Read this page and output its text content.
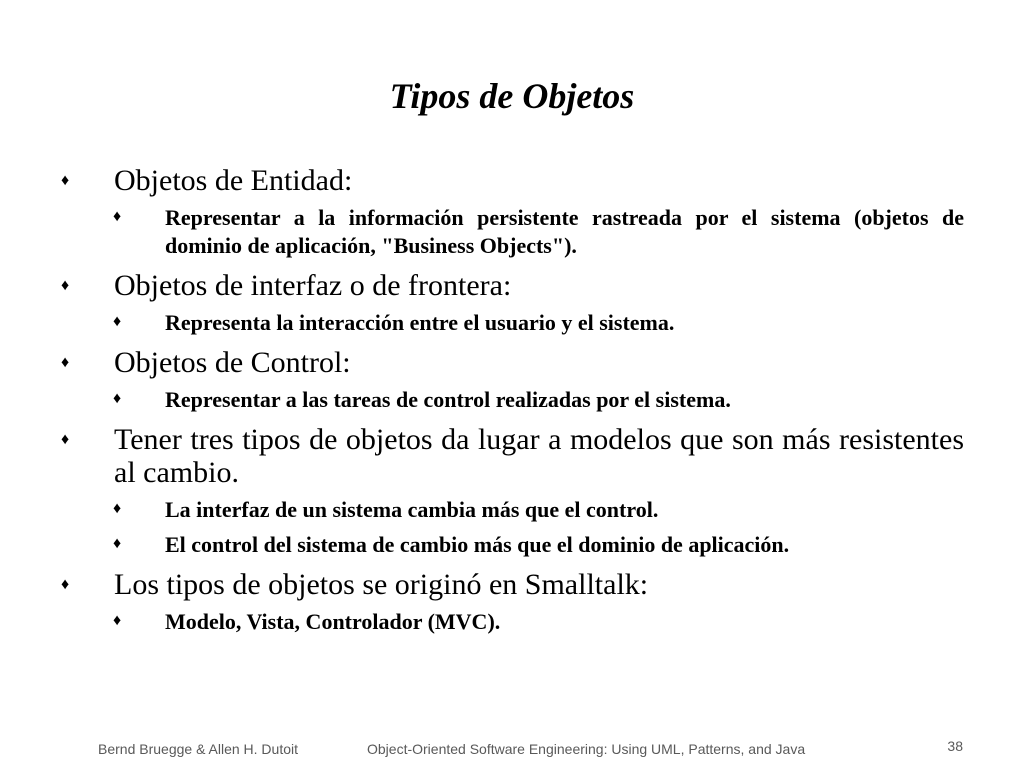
Tipos de Objetos
♦ Objetos de Entidad:
♦ Representar a la información persistente rastreada por el sistema (objetos de dominio de aplicación, "Business Objects").
♦ Objetos de interfaz o de frontera:
♦ Representa la interacción entre el usuario y el sistema.
♦ Objetos de Control:
♦ Representar a las tareas de control realizadas por el sistema.
♦ Tener tres tipos de objetos da lugar a modelos que son más resistentes al cambio.
♦ La interfaz de un sistema cambia más que el control.
♦ El control del sistema de cambio más que el dominio de aplicación.
♦ Los tipos de objetos se originó en Smalltalk:
♦ Modelo, Vista, Controlador (MVC).
Bernd Bruegge & Allen H. Dutoit	Object-Oriented Software Engineering: Using UML, Patterns, and Java	38
